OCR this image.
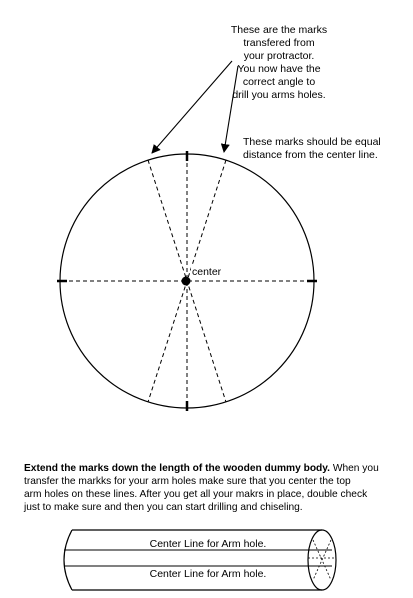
These are the marks
transfered from
your protractor.
You now have the
correct angle to
drill you arms holes.
These marks should be equal
distance from the center line.
center
Extend the marks down the length of the wooden dummy body. When you
transfer the markks for your arm holes make sure that you center the top
arm holes on these lines. After you get all your makrs in place, double check
just to make sure and then you can start drilling and chiseling.
Center Line for Arm hole.
Center Line for Arm hole.
